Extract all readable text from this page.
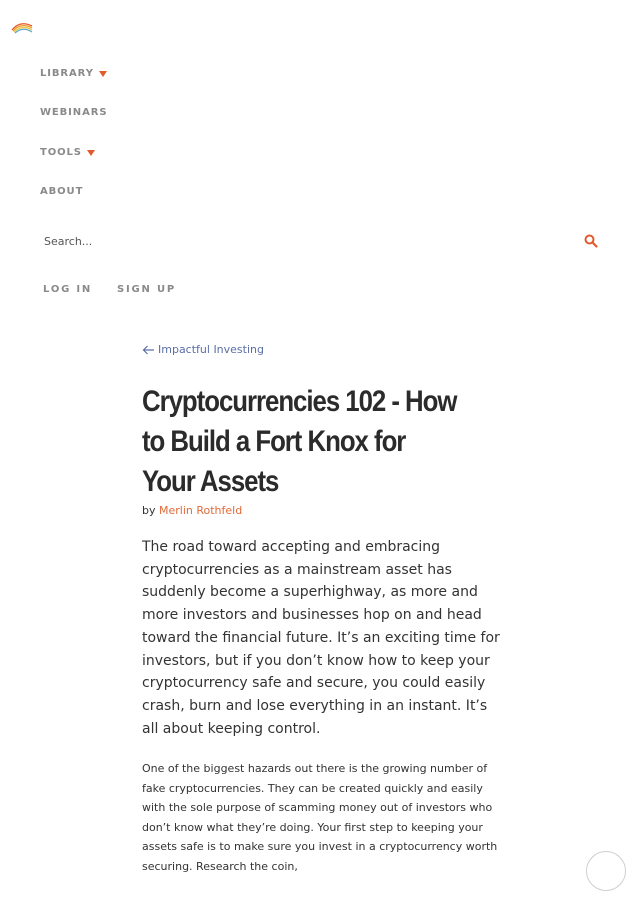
LIBRARY
WEBINARS
TOOLS
ABOUT
Search...
LOG IN SIGN UP
Impactful Investing
Cryptocurrencies 102 - How to Build a Fort Knox for Your Assets
by Merlin Rothfeld

The road toward accepting and embracing cryptocurrencies as a mainstream asset has suddenly become a superhighway, as more and more investors and businesses hop on and head toward the financial future. It’s an exciting time for investors, but if you don’t know how to keep your cryptocurrency safe and secure, you could easily crash, burn and lose everything in an instant. It’s all about keeping control.

One of the biggest hazards out there is the growing number of fake cryptocurrencies. They can be created quickly and easily with the sole purpose of scamming money out of investors who don’t know what they’re doing. Your first step to keeping your assets safe is to make sure you invest in a cryptocurrency worth securing. Research the coin,
